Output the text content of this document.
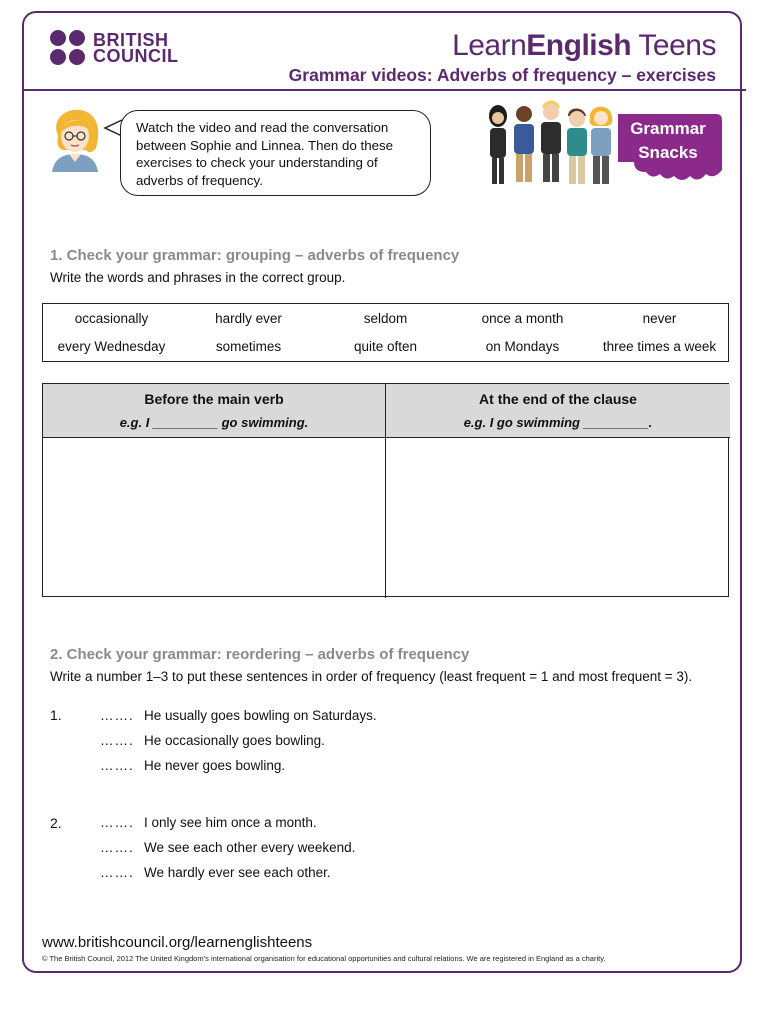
BRITISH
COUNCIL	LearnEnglish Teens
Grammar videos: Adverbs of frequency – exercises
Watch the video and read the conversation
between Sophie and Linnea. Then do these
exercises to check your understanding of
adverbs of frequency.
Grammar
Snacks
1. Check your grammar: grouping – adverbs of frequency
Write the words and phrases in the correct group.
occasionally	hardly ever	seldom	once a month	never
every Wednesday	sometimes	quite often	on Mondays	three times a week
Before the main verb
e.g. I _________ go swimming.
At the end of the clause
e.g. I go swimming _________.
2. Check your grammar: reordering – adverbs of frequency
Write a number 1–3 to put these sentences in order of frequency (least frequent = 1 and most frequent = 3).
1.	……. He usually goes bowling on Saturdays.
……. He occasionally goes bowling.
……. He never goes bowling.
2.	……. I only see him once a month.
……. We see each other every weekend.
……. We hardly ever see each other.
www.britishcouncil.org/learnenglishteens
© The British Council, 2012 The United Kingdom’s international organisation for educational opportunities and cultural relations. We are registered in England as a charity.
